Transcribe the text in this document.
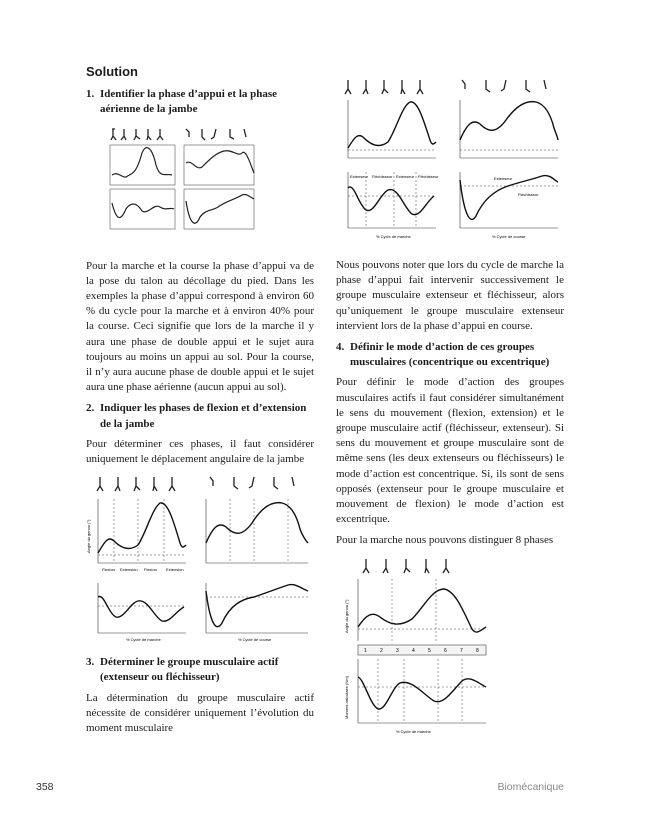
Solution
1. Identifier la phase d’appui et la phase aérienne de la jambe

Pour la marche et la course la phase d’appui va de la pose du talon au décollage du pied. Dans les exemples la phase d’appui correspond à environ 60 % du cycle pour la marche et à environ 40% pour la course. Ceci signifie que lors de la marche il y aura une phase de double appui et le sujet aura toujours au moins un appui au sol. Pour la course, il n’y aura aucune phase de double appui et le sujet aura une phase aérienne (aucun appui au sol).

2. Indiquer les phases de flexion et d’extension de la jambe

Pour déterminer ces phases, il faut considérer uniquement le déplacement angulaire de la jambe

Flexion Extension Flexion Extension
Angle du genou (°)
% Cycle de marche	% Cycle de course
3. Déterminer le groupe musculaire actif (extenseur ou fléchisseur)

La détermination du groupe musculaire actif nécessite de considérer uniquement l’évolution du moment musculaire

Extenseur Fléchisseur Extenseur Fléchisseur
% Cycle de marche
Extenseur
Fléchisseur
% Cycle de course

Nous pouvons noter que lors du cycle de marche la phase d’appui fait intervenir successivement le groupe musculaire extenseur et fléchisseur, alors qu’uniquement le groupe musculaire extenseur intervient lors de la phase d’appui en course.

4. Définir le mode d’action de ces groupes musculaires (concentrique ou excentrique)

Pour définir le mode d’action des groupes musculaires actifs il faut considérer simultanément le sens du mouvement (flexion, extension) et le groupe musculaire actif (fléchisseur, extenseur). Si sens du mouvement et groupe musculaire sont de même sens (les deux extenseurs ou fléchisseurs) le mode d’action est concentrique. Si, ils sont de sens opposés (extenseur pour le groupe musculaire et mouvement de flexion) le mode d’action est excentrique.

Pour la marche nous pouvons distinguer 8 phases

Angle du genou (°)
1	2	3	4	5	6	7	8
% Cycle de marche
Moment articulaire (Nm)
358	Biomécanique
